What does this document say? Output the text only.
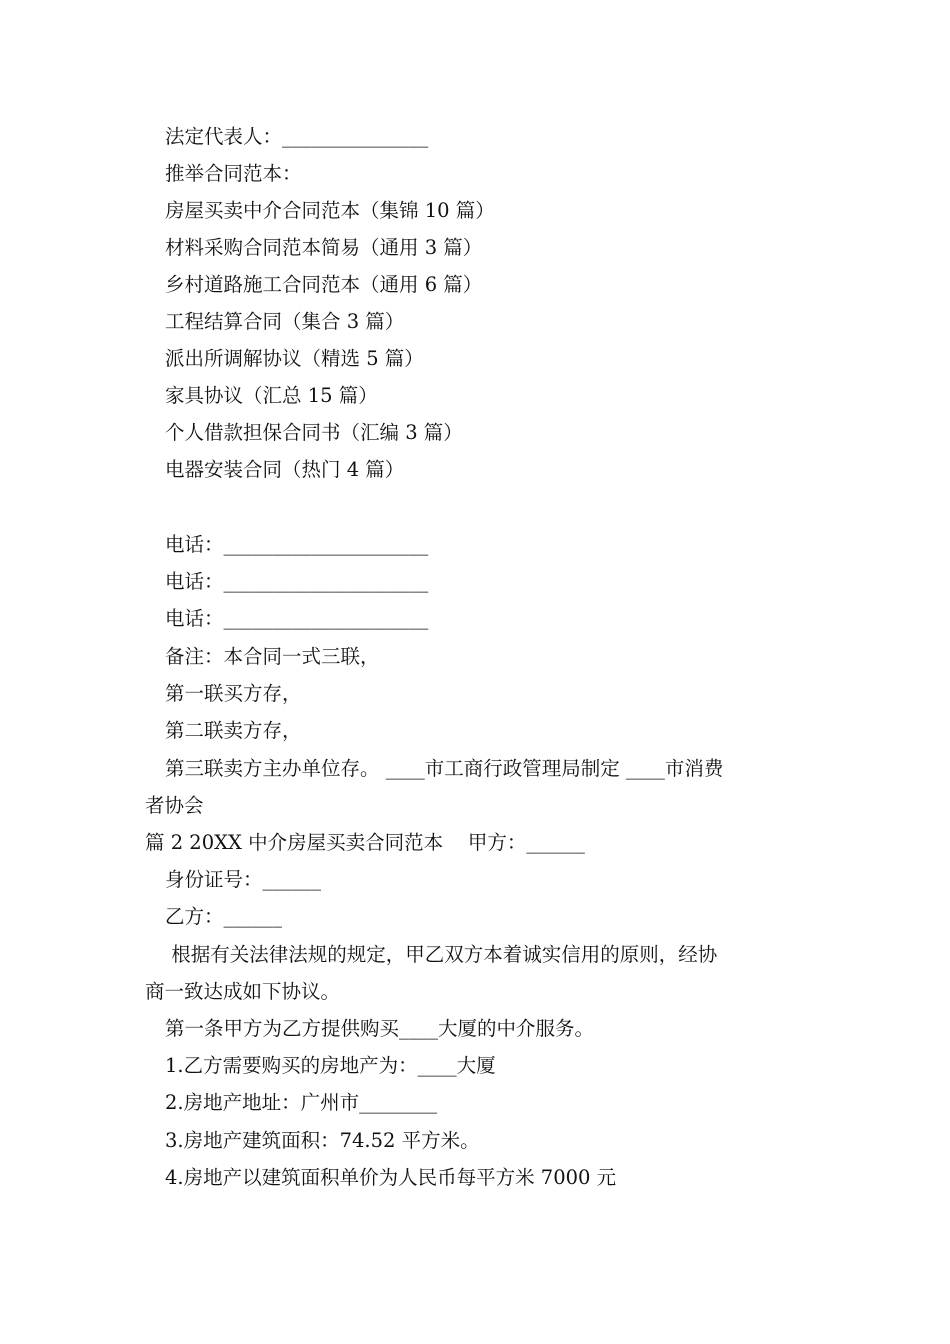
法定代表人：_______________
推举合同范本：
房屋买卖中介合同范本（集锦 10 篇）
材料采购合同范本简易（通用 3 篇）
乡村道路施工合同范本（通用 6 篇）
工程结算合同（集合 3 篇）
派出所调解协议（精选 5 篇）
家具协议（汇总 15 篇）
个人借款担保合同书（汇编 3 篇）
电器安装合同（热门 4 篇）
电话：_____________________
电话：_____________________
电话：_____________________
备注：本合同一式三联，
第一联买方存，
第二联卖方存，
第三联卖方主办单位存。 ____市工商行政管理局制定 ____市消费
者协会
篇 2 20XX 中介房屋买卖合同范本    甲方：______
身份证号：______
乙方：______
根据有关法律法规的规定，甲乙双方本着诚实信用的原则，经协
商一致达成如下协议。
第一条甲方为乙方提供购买____大厦的中介服务。
1.乙方需要购买的房地产为：____大厦
2.房地产地址：广州市________
3.房地产建筑面积：74.52 平方米。
4.房地产以建筑面积单价为人民币每平方米 7000 元
